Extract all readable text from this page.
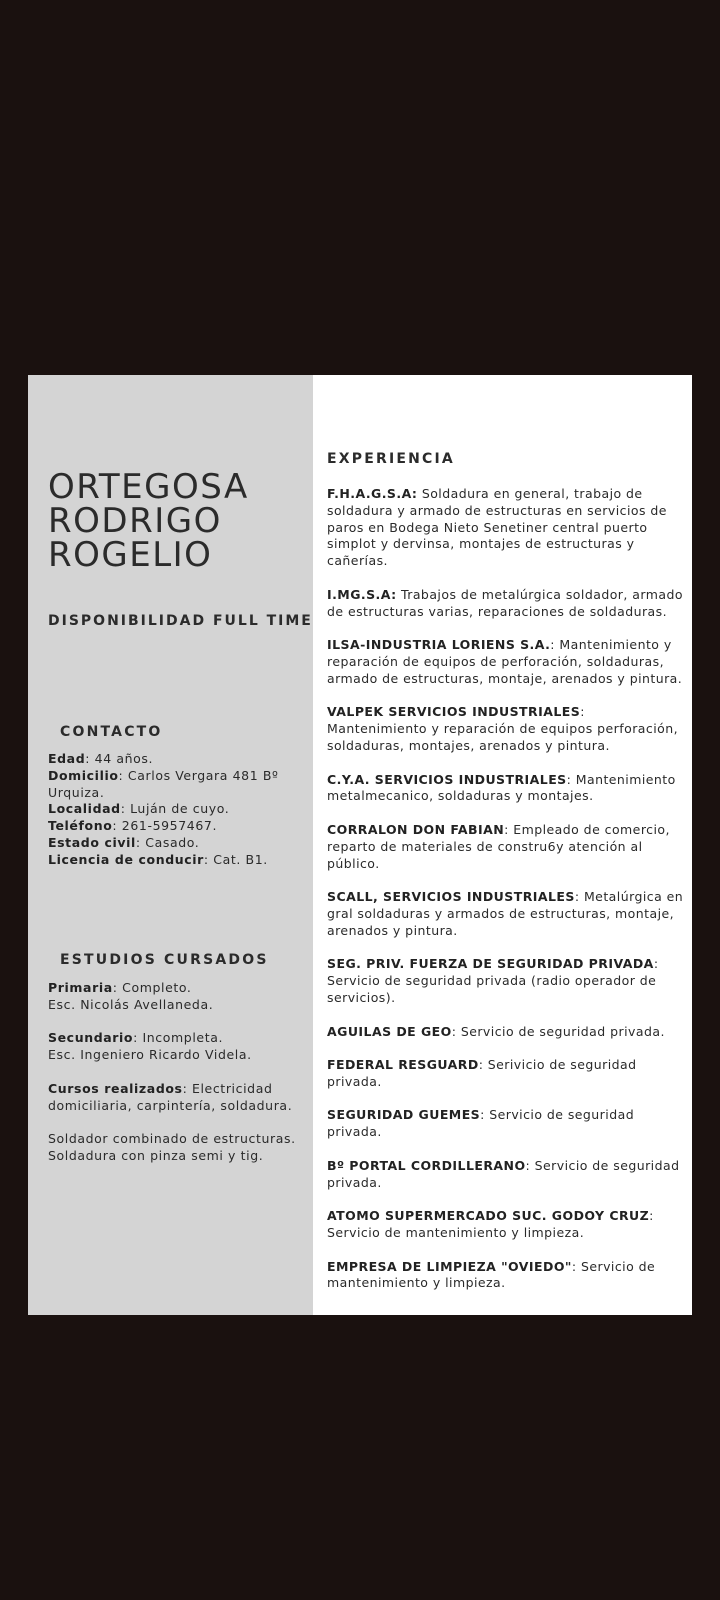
ORTEGOSA
RODRIGO
ROGELIO
DISPONIBILIDAD FULL TIME
CONTACTO
Edad: 44 años.
Domicilio: Carlos Vergara 481 Bº Urquiza.
Localidad: Luján de cuyo.
Teléfono: 261-5957467.
Estado civil: Casado.
Licencia de conducir: Cat. B1.
ESTUDIOS CURSADOS

Primaria: Completo.
Esc. Nicolás Avellaneda.

Secundario: Incompleta.
Esc. Ingeniero Ricardo Videla.

Cursos realizados: Electricidad domiciliaria, carpintería, soldadura.

Soldador combinado de estructuras.
Soldadura con pinza semi y tig.

EXPERIENCIA
F.H.A.G.S.A: Soldadura en general, trabajo de soldadura y armado de estructuras en servicios de paros en Bodega Nieto Senetiner central puerto simplot y dervinsa, montajes de estructuras y cañerías.
I.MG.S.A: Trabajos de metalúrgica soldador, armado de estructuras varias, reparaciones de soldaduras.
ILSA-INDUSTRIA LORIENS S.A.: Mantenimiento y reparación de equipos de perforación, soldaduras, armado de estructuras, montaje, arenados y pintura.
VALPEK SERVICIOS INDUSTRIALES: Mantenimiento y reparación de equipos perforación, soldaduras, montajes, arenados y pintura.
C.Y.A. SERVICIOS INDUSTRIALES: Mantenimiento metalmecanico, soldaduras y montajes.
CORRALON DON FABIAN: Empleado de comercio, reparto de materiales de constru6y atención al público.
SCALL, SERVICIOS INDUSTRIALES: Metalúrgica en gral soldaduras y armados de estructuras, montaje, arenados y pintura.
SEG. PRIV. FUERZA DE SEGURIDAD PRIVADA: Servicio de seguridad privada (radio operador de servicios).
AGUILAS DE GEO: Servicio de seguridad privada.
FEDERAL RESGUARD: Serivicio de seguridad privada.
SEGURIDAD GUEMES: Servicio de seguridad privada.
Bº PORTAL CORDILLERANO: Servicio de seguridad privada.
ATOMO SUPERMERCADO SUC. GODOY CRUZ: Servicio de mantenimiento y limpieza.
EMPRESA DE LIMPIEZA "OVIEDO": Servicio de mantenimiento y limpieza.
